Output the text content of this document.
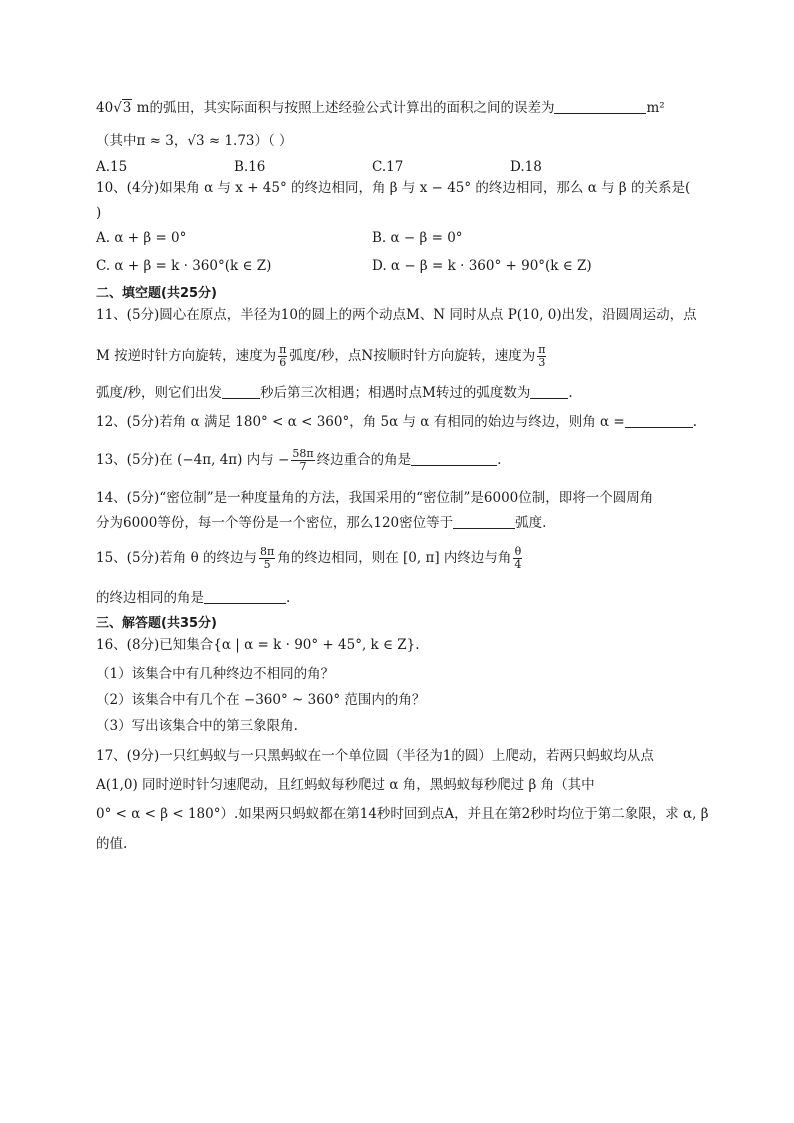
40√3 m的弧田，其实际面积与按照上述经验公式计算出的面积之间的误差为	m²
（其中π ≈ 3，√3 ≈ 1.73）（ ）
A.15	B.16	C.17	D.18
10、(4分)如果角 α 与 x + 45° 的终边相同，角 β 与 x − 45° 的终边相同，那么 α 与 β 的关系是(
)
A. α + β = 0°	B. α − β = 0°
C. α + β = k · 360°(k ∈ Z)	D. α − β = k · 360° + 90°(k ∈ Z)
二、填空题(共25分)
11、(5分)圆心在原点，半径为10的圆上的两个动点M、N 同时从点 P(10, 0)出发，沿圆周运动，点
M 按逆时针方向旋转，速度为 $\frac{\pi}{6}$ 弧度/秒，点N按顺时针方向旋转，速度为 $\frac{\pi}{3}$
弧度/秒，则它们出发	秒后第三次相遇；相遇时点M转过的弧度数为	.
12、(5分)若角 α 满足 180° < α < 360°，角 5α 与 α 有相同的始边与终边，则角 α =	.
13、(5分)在 (−4π, 4π) 内与 − $\frac{58\pi}{7}$ 终边重合的角是	.
14、(5分)“密位制”是一种度量角的方法，我国采用的“密位制”是6000位制，即将一个圆周角
分为6000等份，每一个等份是一个密位，那么120密位等于	弧度.
15、(5分)若角 θ 的终边与 $\frac{8\pi}{5}$ 角的终边相同，则在 [0, π] 内终边与角 $\frac{\theta}{4}$
的终边相同的角是	.
三、解答题(共35分)
16、(8分)已知集合{α | α = k · 90° + 45°, k ∈ Z}.
（1）该集合中有几种终边不相同的角？
（2）该集合中有几个在 −360° ~ 360° 范围内的角？
（3）写出该集合中的第三象限角.
17、(9分)一只红蚂蚁与一只黑蚂蚁在一个单位圆（半径为1的圆）上爬动，若两只蚂蚁均从点
A(1,0) 同时逆时针匀速爬动，且红蚂蚁每秒爬过 α 角，黑蚂蚁每秒爬过 β 角（其中
0° < α < β < 180°）.如果两只蚂蚁都在第14秒时回到点A，并且在第2秒时均位于第二象限，求 α, β
的值.
